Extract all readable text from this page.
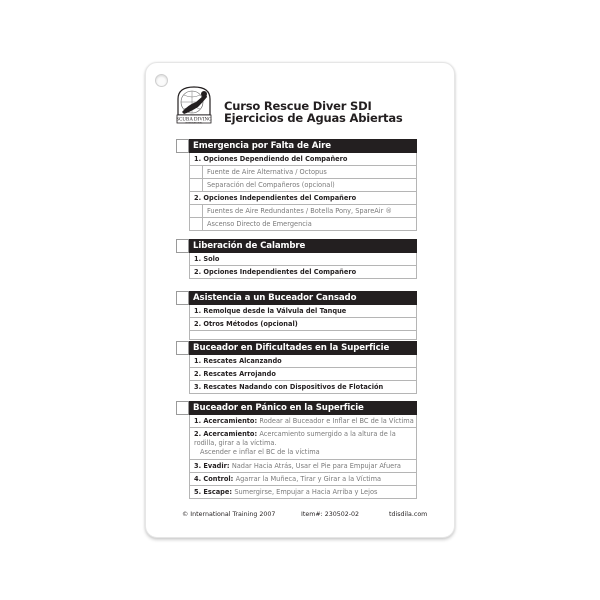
SCUBA DIVING
INTERNATIONAL
Curso Rescue Diver SDI
Ejercicios de Aguas Abiertas
Emergencia por Falta de Aire
1. Opciones Dependiendo del Compañero
Fuente de Aire Alternativa / Octopus
Separación del Compañeros (opcional)
2. Opciones Independientes del Compañero
Fuentes de Aire Redundantes / Botella Pony, SpareAir ®
Ascenso Directo de Emergencia
Liberación de Calambre
1. Solo
2. Opciones Independientes del Compañero
Asistencia a un Buceador Cansado
1. Remolque desde la Válvula del Tanque
2. Otros Métodos (opcional)
Buceador en Dificultades en la Superficie
1. Rescates Alcanzando
2. Rescates Arrojando
3. Rescates Nadando con Dispositivos de Flotación
Buceador en Pánico en la Superficie
1. Acercamiento: Rodear al Buceador e Inflar el BC de la Víctima
2. Acercamiento: Acercamiento sumergido a la altura de la rodilla, girar a la víctima.
Ascender e inflar el BC de la víctima
3. Evadir: Nadar Hacia Atrás, Usar el Pie para Empujar Afuera
4. Control: Agarrar la Muñeca, Tirar y Girar a la Víctima
5. Escape: Sumergirse, Empujar a Hacia Arriba y Lejos
© International Training 2007	Item#: 230502-02	tdisdila.com
